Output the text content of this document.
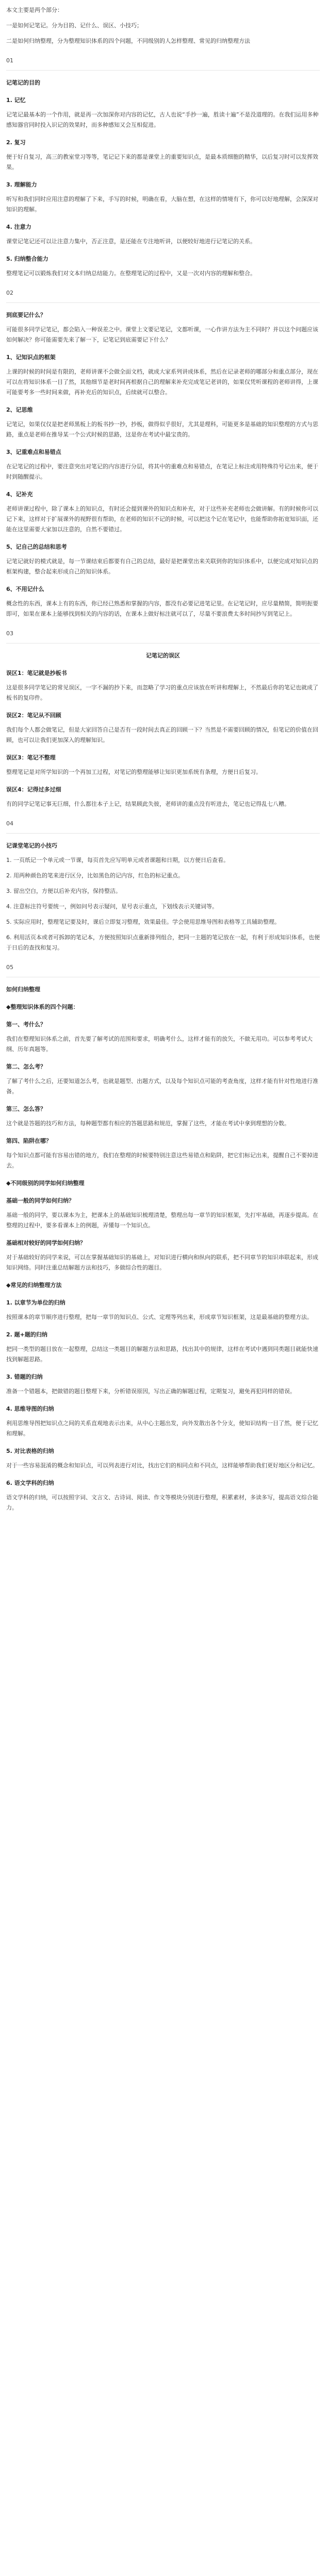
本文主要是两个部分：

一是如何记笔记。分为目的、记什么、误区、小技巧；

二是如何归纳整理，分为整理知识体系的四个问题，不同级别的人怎样整理、常见的归纳整理方法

01

记笔记的目的

1. 记忆

记笔记最基本的一个作用，就是再一次加深你对内容的记忆，古人也说“手抄一遍，胜读十遍”不是没道理的。在我们运用多种感知器官同时投入识记的效果时，而多种感知又会互相促进。

2. 复习

便于好自复习，高三的教室堂习等等，笔记记下来的都是课堂上的重要知识点，是最本质细胞的精华，以后复习时可以发挥效果。

3. 理解能力

听写和我们同时应用注意的理解了下来，手写的时候，明确在看，大脑在想，在这样的情境有下，你可以好地理解，会深深对知识的理解。

4. 注意力

课堂记笔记还可以让注意力集中，否正注意，是还能在专注地听讲，以便较好地进行记笔记的关系。

5. 归纳整合能力

整理笔记可以锻炼我们对文本归纳总结能力。在整理笔记的过程中，又是一次对内容的理解和整合。

02

到底要记什么？

可能很多同学记笔记，都会陷入一种误差之中。课堂上文要记笔记，文都听课，一心作讲方法为主不同时？并以这个问题应该如何解决？你可能需要先来了解一下，记笔记到底需要记下什么？

1、记知识点的框架

上课的时候的时间是有限的，老师讲课不会做全面文档，就成大家系列讲成体系，然后在记录老师的哪部分和重点部分，现在可以在将知识体系一目了然，其他细节是老时间再根据自己的理解来补充完成笔记老讲的，如果仅凭听课程的老师讲得，上课可能要考多一些时间来做，再补充后的知识点，后续就可以整合。

2、记思维

记笔记，如果仅仅是把老师黑板上的板书抄一抄，抄板，做得似乎很好，尤其是理科，可能更多是基础的知识整理的方式与思路，重点是老师在推导某一个公式时候的思路，这是你在考试中最宝贵的。

3、记重难点和易错点

在记笔记的过程中，要注意突出对笔记的内容进行分层，将其中的重难点和易错点，在笔记上标注或用特殊符号记出来，便于时到随醒提示。

4、记补充

老师讲课过程中，除了课本上的知识点，有时还会提到课外的知识点和补充，对于这些补充老师也会做讲解。有的时候你可以记下来，这样对于扩展课外的视野很有帮助，在老师的知识不记的时候，可以把这个记在笔记中，也能帮助你拓宽知识面，还能在这里需要大家加以注意的，自然不要错过。

5、记自己的总结和思考

记笔记就好的模式就是，每一节课结束后都要有自己的总结，最好是把课堂出来关联到你的知识体系中，以便完成对知识点的框架构建，整合起来形成自己的知识体系。

6、不用记什么

概念性的东西，课本上有的东西，你已经已熟悉和掌握的内容，都没有必要记进笔记里。在记笔记时，应尽量精简，简明扼要即可，如果在课本上能够找到相关的内容的话，在课本上做好标注就可以了，尽量不要浪费太多时间抄写到笔记上。

03

记笔记的误区

误区1：笔记就是抄板书

这是很多同学笔记的常见误区，一字不漏的抄下来，而忽略了学习的重点应该放在听讲和理解上，不然最后你的笔记也就成了板书的复印件。

误区2：笔记从不回顾

我们每个人都会做笔记，但是大家回答自己是否有一段时间去真正的回顾一下？当然是不需要回顾的情况，但笔记的价值在回顾，也可以让我们更加深入的理解知识。

误区3：笔记不整理

整理笔记是对所学知识的一个再加工过程，对笔记的整理能够让知识更加系统有条理，方便日后复习。

误区4：记得过多过细

有的同学记笔记事无巨细，什么都往本子上记，结果顾此失彼，老师讲的重点没有听进去，笔记也记得乱七八糟。

04

记课堂笔记的小技巧

1. 一页纸记一个单元或一节课，每页首先应写明单元或者课题和日期，以方便日后查看。

2. 用两种颜色的笔来进行区分，比如黑色的记内容，红色的标记重点。

3. 留出空白，方便以后补充内容，保持整洁。

4. 注意标注符号要统一，例如问号表示疑问，星号表示重点，下划线表示关键词等。

5. 实际应用时，整理笔记要及时，课后立即复习整理，效果最佳。学会使用思维导图和表格等工具辅助整理。

6. 利用活页本或者可拆卸的笔记本，方便按照知识点重新排列组合，把同一主题的笔记放在一起，有利于形成知识体系，也便于日后的查找和复习。

05

如何归纳整理

◆整理知识体系的四个问题：

第一、考什么？

我们在整理知识体系之前，首先要了解考试的范围和要求，明确考什么，这样才能有的放矢，不做无用功。可以参考考试大纲、历年真题等。

第二、怎么考？

了解了考什么之后，还要知道怎么考，也就是题型、出题方式，以及每个知识点可能的考查角度，这样才能有针对性地进行准备。

第三、怎么答？

这个就是答题的技巧和方法，每种题型都有相应的答题思路和规范，掌握了这些，才能在考试中拿到理想的分数。

第四、陷阱在哪？

每个知识点都可能有容易出错的地方，我们在整理的时候要特别注意这些易错点和陷阱，把它们标记出来，提醒自己不要掉进去。

◆不同级别的同学如何归纳整理

基础一般的同学如何归纳？

基础一般的同学，要以课本为主，把课本上的基础知识梳理清楚，整理出每一章节的知识框架，先打牢基础，再逐步提高。在整理的过程中，要多看课本上的例题，弄懂每一个知识点。

基础相对较好的同学如何归纳？

对于基础较好的同学来说，可以在掌握基础知识的基础上，对知识进行横向和纵向的联系，把不同章节的知识串联起来，形成知识网络。同时注重总结解题方法和技巧，多做综合性的题目。

◆常见的归纳整理方法

1. 以章节为单位的归纳

按照课本的章节顺序进行整理，把每一章节的知识点、公式、定理等列出来，形成章节知识框架，这是最基础的整理方法。

2. 题+题的归纳

把同一类型的题目放在一起整理，总结这一类题目的解题方法和思路，找出其中的规律，这样在考试中遇到同类题目就能快速找到解题思路。

3. 错题的归纳

准备一个错题本，把做错的题目整理下来，分析错误原因，写出正确的解题过程，定期复习，避免再犯同样的错误。

4. 思维导图的归纳

利用思维导图把知识点之间的关系直观地表示出来，从中心主题出发，向外发散出各个分支，使知识结构一目了然，便于记忆和理解。

5. 对比表格的归纳

对于一些容易混淆的概念和知识点，可以列表进行对比，找出它们的相同点和不同点，这样能够帮助我们更好地区分和记忆。

6. 语文学科的归纳

语文学科的归纳，可以按照字词、文言文、古诗词、阅读、作文等模块分别进行整理，积累素材，多读多写，提高语文综合能力。
